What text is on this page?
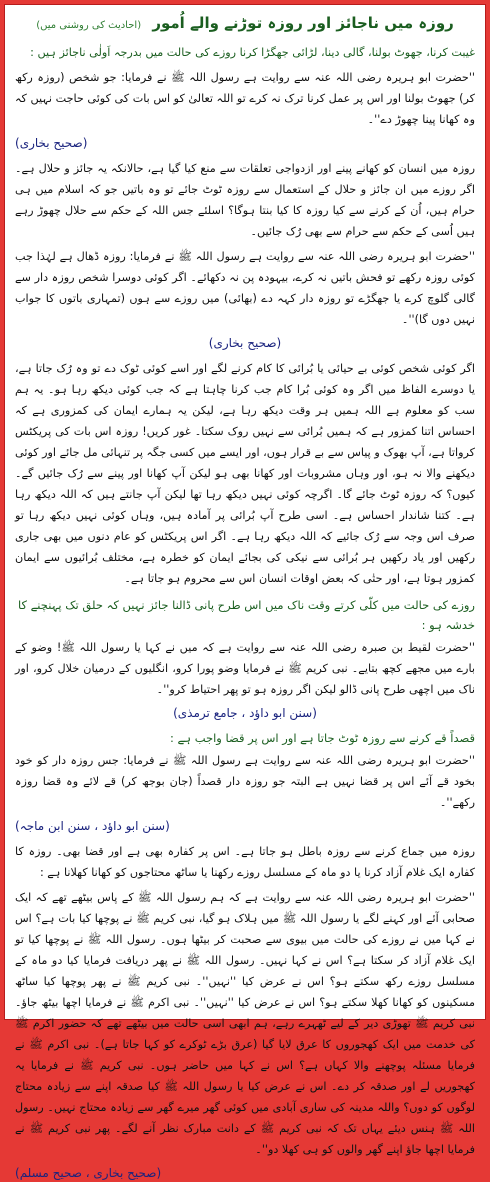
روزہ میں ناجائز اور روزہ توڑنے والے اُمور (احادیث کی روشنی میں)

غیبت کرنا، جھوٹ بولنا، گالی دینا، لڑائی جھگڑا کرنا روزے کی حالت میں بدرجہ اَولٰی ناجائز ہیں :

''حضرت ابو ہریرہ رضی اللہ عنہ سے روایت ہے رسول اللہ ﷺ نے فرمایا: جو شخص (روزہ رکھ کر) جھوٹ بولنا اور اس پر عمل کرنا ترک نہ کرے تو اللہ تعالیٰ کو اس بات کی کوئی حاجت نہیں کہ وہ کھانا پینا چھوڑ دے''۔

(صحیح بخاری)

روزہ میں انسان کو کھانے پینے اور ازدواجی تعلقات سے منع کیا گیا ہے، حالانکہ یہ جائز و حلال ہے۔ اگر روزے میں ان جائز و حلال کے استعمال سے روزہ ٹوٹ جائے تو وہ باتیں جو کہ اسلام میں ہی حرام ہیں، اُن کے کرنے سے کیا روزہ کا کیا بنتا ہوگا؟ اسلئے جس اللہ کے حکم سے حلال چھوڑ رہے ہیں اُسی کے حکم سے حرام سے بھی رُک جائیں۔

''حضرت ابو ہریرہ رضی اللہ عنہ سے روایت ہے رسول اللہ ﷺ نے فرمایا: روزہ ڈھال ہے لہٰذا جب کوئی روزہ رکھے تو فحش باتیں نہ کرے، بیہودہ پن نہ دکھائے۔ اگر کوئی دوسرا شخص روزہ دار سے گالی گلوچ کرے یا جھگڑے تو روزہ دار کہہ دے (بھائی) میں روزے سے ہوں (تمہاری باتوں کا جواب نہیں دوں گا)''۔

(صحیح بخاری)

اگر کوئی شخص کوئی بے حیائی یا بُرائی کا کام کرنے لگے اور اسے کوئی ٹوک دے تو وہ رُک جاتا ہے، یا دوسرے الفاظ میں اگر وہ کوئی بُرا کام جب کرنا چاہتا ہے کہ جب کوئی دیکھ رہا ہو۔ یہ ہم سب کو معلوم ہے اللہ ہمیں ہر وقت دیکھ رہا ہے، لیکن یہ ہمارے ایمان کی کمزوری ہے کہ احساس اتنا کمزور ہے کہ ہمیں بُرائی سے نہیں روک سکتا۔ غور کریں! روزہ اس بات کی پریکٹس کرواتا ہے، آپ بھوک و پیاس سے بے قرار ہوں، اور ایسے میں کسی جگہ پر تنہائی مل جائے اور کوئی دیکھنے والا نہ ہو، اور وہاں مشروبات اور کھانا بھی ہو لیکن آپ کھانا اور پینے سے رُک جائیں گے۔ کیوں؟ کہ روزہ ٹوٹ جائے گا۔ اگرچہ کوئی نہیں دیکھ رہا تھا لیکن آپ جانتے ہیں کہ اللہ دیکھ رہا ہے۔ کتنا شاندار احساس ہے۔ اسی طرح آپ بُرائی پر آمادہ ہیں، وہاں کوئی نہیں دیکھ رہا تو صرف اس وجہ سے رُک جائیے کہ اللہ دیکھ رہا ہے۔ اگر اس پریکٹس کو عام دنوں میں بھی جاری رکھیں اور یاد رکھیں ہر بُرائی سے نیکی کی بجائے ایمان کو خطرہ ہے، مختلف بُرائیوں سے ایمان کمزور ہوتا ہے، اور حتٰی کہ بعض اوقات انسان اس سے محروم ہو جاتا ہے۔

روزے کی حالت میں کلّی کرتے وقت ناک میں اس طرح پانی ڈالنا جائز نہیں کہ حلق تک پہنچنے کا خدشہ ہو :

''حضرت لقیط بن صبرہ رضی اللہ عنہ سے روایت ہے کہ میں نے کہا یا رسول اللہ ﷺ! وضو کے بارے میں مجھے کچھ بتایے۔ نبی کریم ﷺ نے فرمایا وضو پورا کرو، انگلیوں کے درمیان خلال کرو، اور ناک میں اچھی طرح پانی ڈالو لیکن اگر روزہ ہو تو پھر احتیاط کرو''۔

(سنن ابو داؤد ، جامع ترمذی)
قصداً قے کرنے سے روزہ ٹوٹ جاتا ہے اور اس پر قضا واجب ہے :

''حضرت ابو ہریرہ رضی اللہ عنہ سے روایت ہے رسول اللہ ﷺ نے فرمایا: جس روزہ دار کو خود بخود قے آئے اس پر قضا نہیں ہے البتہ جو روزہ دار قصداً (جان بوجھ کر) قے لائے وہ قضا روزہ رکھے''۔

(سنن ابو داؤد ، سنن ابن ماجہ)

روزہ میں جماع کرنے سے روزہ باطل ہو جاتا ہے۔ اس پر کفارہ بھی ہے اور قضا بھی۔ روزہ کا کفارہ ایک غلام آزاد کرنا یا دو ماہ کے مسلسل روزے رکھنا یا ساٹھ محتاجوں کو کھانا کھلانا ہے :

''حضرت ابو ہریرہ رضی اللہ عنہ سے روایت ہے کہ ہم رسول اللہ ﷺ کے پاس بیٹھے تھے کہ ایک صحابی آئے اور کہنے لگے یا رسول اللہ ﷺ میں ہلاک ہو گیا، نبی کریم ﷺ نے پوچھا کیا بات ہے؟ اس نے کہا میں نے روزے کی حالت میں بیوی سے صحبت کر بیٹھا ہوں۔ رسول اللہ ﷺ نے پوچھا کیا تو ایک غلام آزاد کر سکتا ہے؟ اس نے کہا نہیں۔ رسول اللہ ﷺ نے پھر دریافت فرمایا کیا دو ماہ کے مسلسل روزے رکھ سکتے ہو؟ اس نے عرض کیا ''نہیں''۔ نبی کریم ﷺ نے پھر پوچھا کیا ساٹھ مسکینوں کو کھانا کھلا سکتے ہو؟ اس نے عرض کیا ''نہیں''۔ نبی اکرم ﷺ نے فرمایا اچھا بیٹھ جاؤ۔ نبی کریم ﷺ تھوڑی دیر کے لیے ٹھہرے رہے، ہم ابھی اسی حالت میں بیٹھے تھے کہ حضور اکرم ﷺ کی خدمت میں ایک کھجوروں کا عرق لایا گیا (عرق بڑے ٹوکرے کو کہا جاتا ہے)۔ نبی اکرم ﷺ نے فرمایا مسئلہ پوچھنے والا کہاں ہے؟ اس نے کہا میں حاضر ہوں۔ نبی کریم ﷺ نے فرمایا یہ کھجوریں لے اور صدقہ کر دے۔ اس نے عرض کیا یا رسول اللہ ﷺ کیا صدقہ اپنے سے زیادہ محتاج لوگوں کو دوں؟ واللہ مدینہ کی ساری آبادی میں کوئی گھر میرے گھر سے زیادہ محتاج نہیں۔ رسول اللہ ﷺ ہنس دیئے یہاں تک کہ نبی کریم ﷺ کے دانت مبارک نظر آنے لگے۔ پھر نبی کریم ﷺ نے فرمایا اچھا جاؤ اپنے گھر والوں کو ہی کھلا دو''۔

(صحیح بخاری ، صحیح مسلم)
